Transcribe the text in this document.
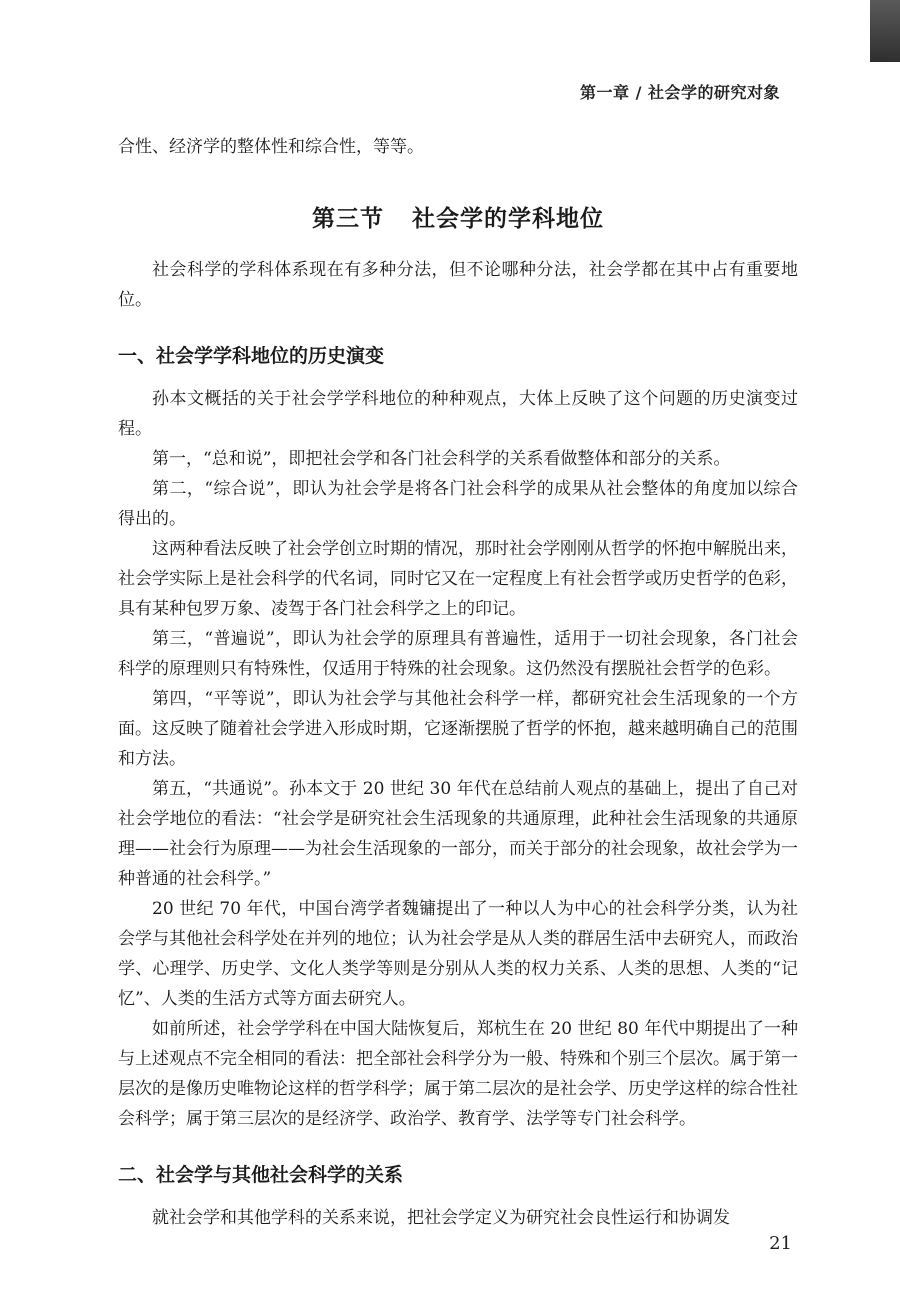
第一章 / 社会学的研究对象

合性、经济学的整体性和综合性，等等。

第三节 社会学的学科地位

社会科学的学科体系现在有多种分法，但不论哪种分法，社会学都在其中占有重要地位。

一、社会学学科地位的历史演变

孙本文概括的关于社会学学科地位的种种观点，大体上反映了这个问题的历史演变过程。

第一，“总和说”，即把社会学和各门社会科学的关系看做整体和部分的关系。

第二，“综合说”，即认为社会学是将各门社会科学的成果从社会整体的角度加以综合得出的。

这两种看法反映了社会学创立时期的情况，那时社会学刚刚从哲学的怀抱中解脱出来，社会学实际上是社会科学的代名词，同时它又在一定程度上有社会哲学或历史哲学的色彩，具有某种包罗万象、凌驾于各门社会科学之上的印记。

第三，“普遍说”，即认为社会学的原理具有普遍性，适用于一切社会现象，各门社会科学的原理则只有特殊性，仅适用于特殊的社会现象。这仍然没有摆脱社会哲学的色彩。

第四，“平等说”，即认为社会学与其他社会科学一样，都研究社会生活现象的一个方面。这反映了随着社会学进入形成时期，它逐渐摆脱了哲学的怀抱，越来越明确自己的范围和方法。

第五，“共通说”。孙本文于 20 世纪 30 年代在总结前人观点的基础上，提出了自己对社会学地位的看法：“社会学是研究社会生活现象的共通原理，此种社会生活现象的共通原理——社会行为原理——为社会生活现象的一部分，而关于部分的社会现象，故社会学为一种普通的社会科学。”

20 世纪 70 年代，中国台湾学者魏镛提出了一种以人为中心的社会科学分类，认为社会学与其他社会科学处在并列的地位；认为社会学是从人类的群居生活中去研究人，而政治学、心理学、历史学、文化人类学等则是分别从人类的权力关系、人类的思想、人类的“记忆”、人类的生活方式等方面去研究人。

如前所述，社会学学科在中国大陆恢复后，郑杭生在 20 世纪 80 年代中期提出了一种与上述观点不完全相同的看法：把全部社会科学分为一般、特殊和个别三个层次。属于第一层次的是像历史唯物论这样的哲学科学；属于第二层次的是社会学、历史学这样的综合性社会科学；属于第三层次的是经济学、政治学、教育学、法学等专门社会科学。

二、社会学与其他社会科学的关系

就社会学和其他学科的关系来说，把社会学定义为研究社会良性运行和协调发

21
